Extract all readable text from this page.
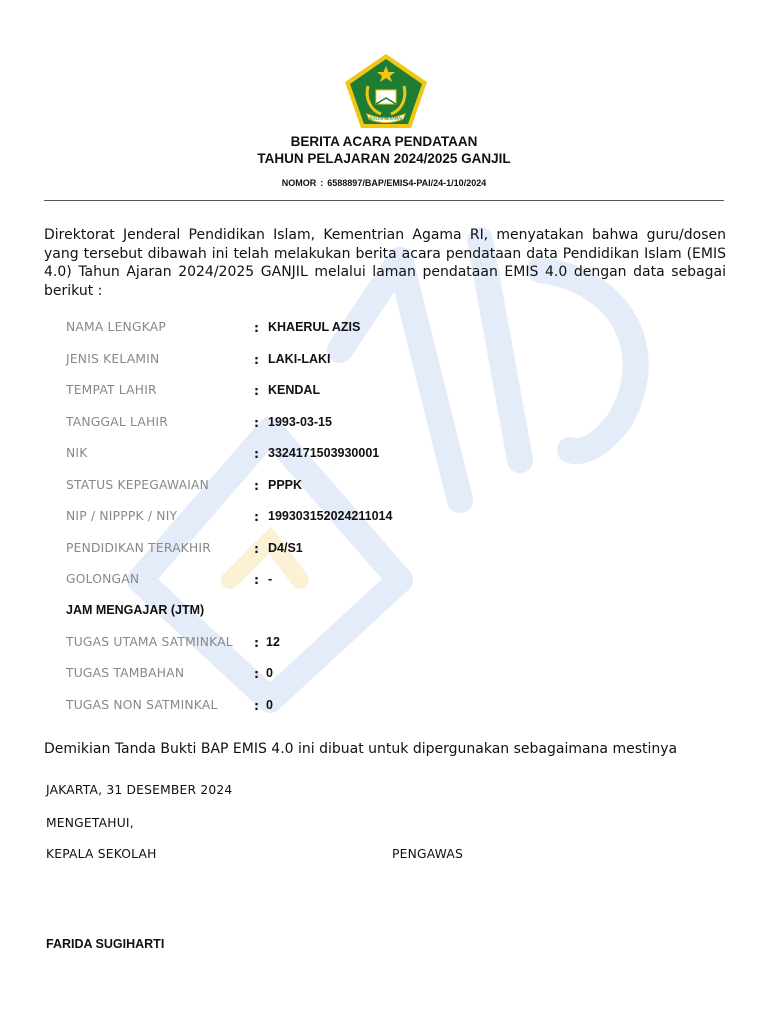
IKHLAS BERAMAL
BERITA ACARA PENDATAAN
TAHUN PELAJARAN 2024/2025 GANJIL
NOMOR : 6588897/BAP/EMIS4-PAI/24-1/10/2024
Direktorat Jenderal Pendidikan Islam, Kementrian Agama RI, menyatakan bahwa guru/dosen yang tersebut dibawah ini telah melakukan berita acara pendataan data Pendidikan Islam (EMIS 4.0) Tahun Ajaran 2024/2025 GANJIL melalui laman pendataan EMIS 4.0 dengan data sebagai berikut :
NAMA LENGKAP	: KHAERUL AZIS
JENIS KELAMIN	: LAKI-LAKI
TEMPAT LAHIR	: KENDAL
TANGGAL LAHIR	: 1993-03-15
NIK	: 3324171503930001
STATUS KEPEGAWAIAN	: PPPK
NIP / NIPPPK / NIY	: 199303152024211014
PENDIDIKAN TERAKHIR	: D4/S1
GOLONGAN	: -
JAM MENGAJAR (JTM)
TUGAS UTAMA SATMINKAL : 12
TUGAS TAMBAHAN	: 0
TUGAS NON SATMINKAL	: 0
Demikian Tanda Bukti BAP EMIS 4.0 ini dibuat untuk dipergunakan sebagaimana mestinya
JAKARTA, 31 DESEMBER 2024
MENGETAHUI,
KEPALA SEKOLAH	PENGAWAS
FARIDA SUGIHARTI
